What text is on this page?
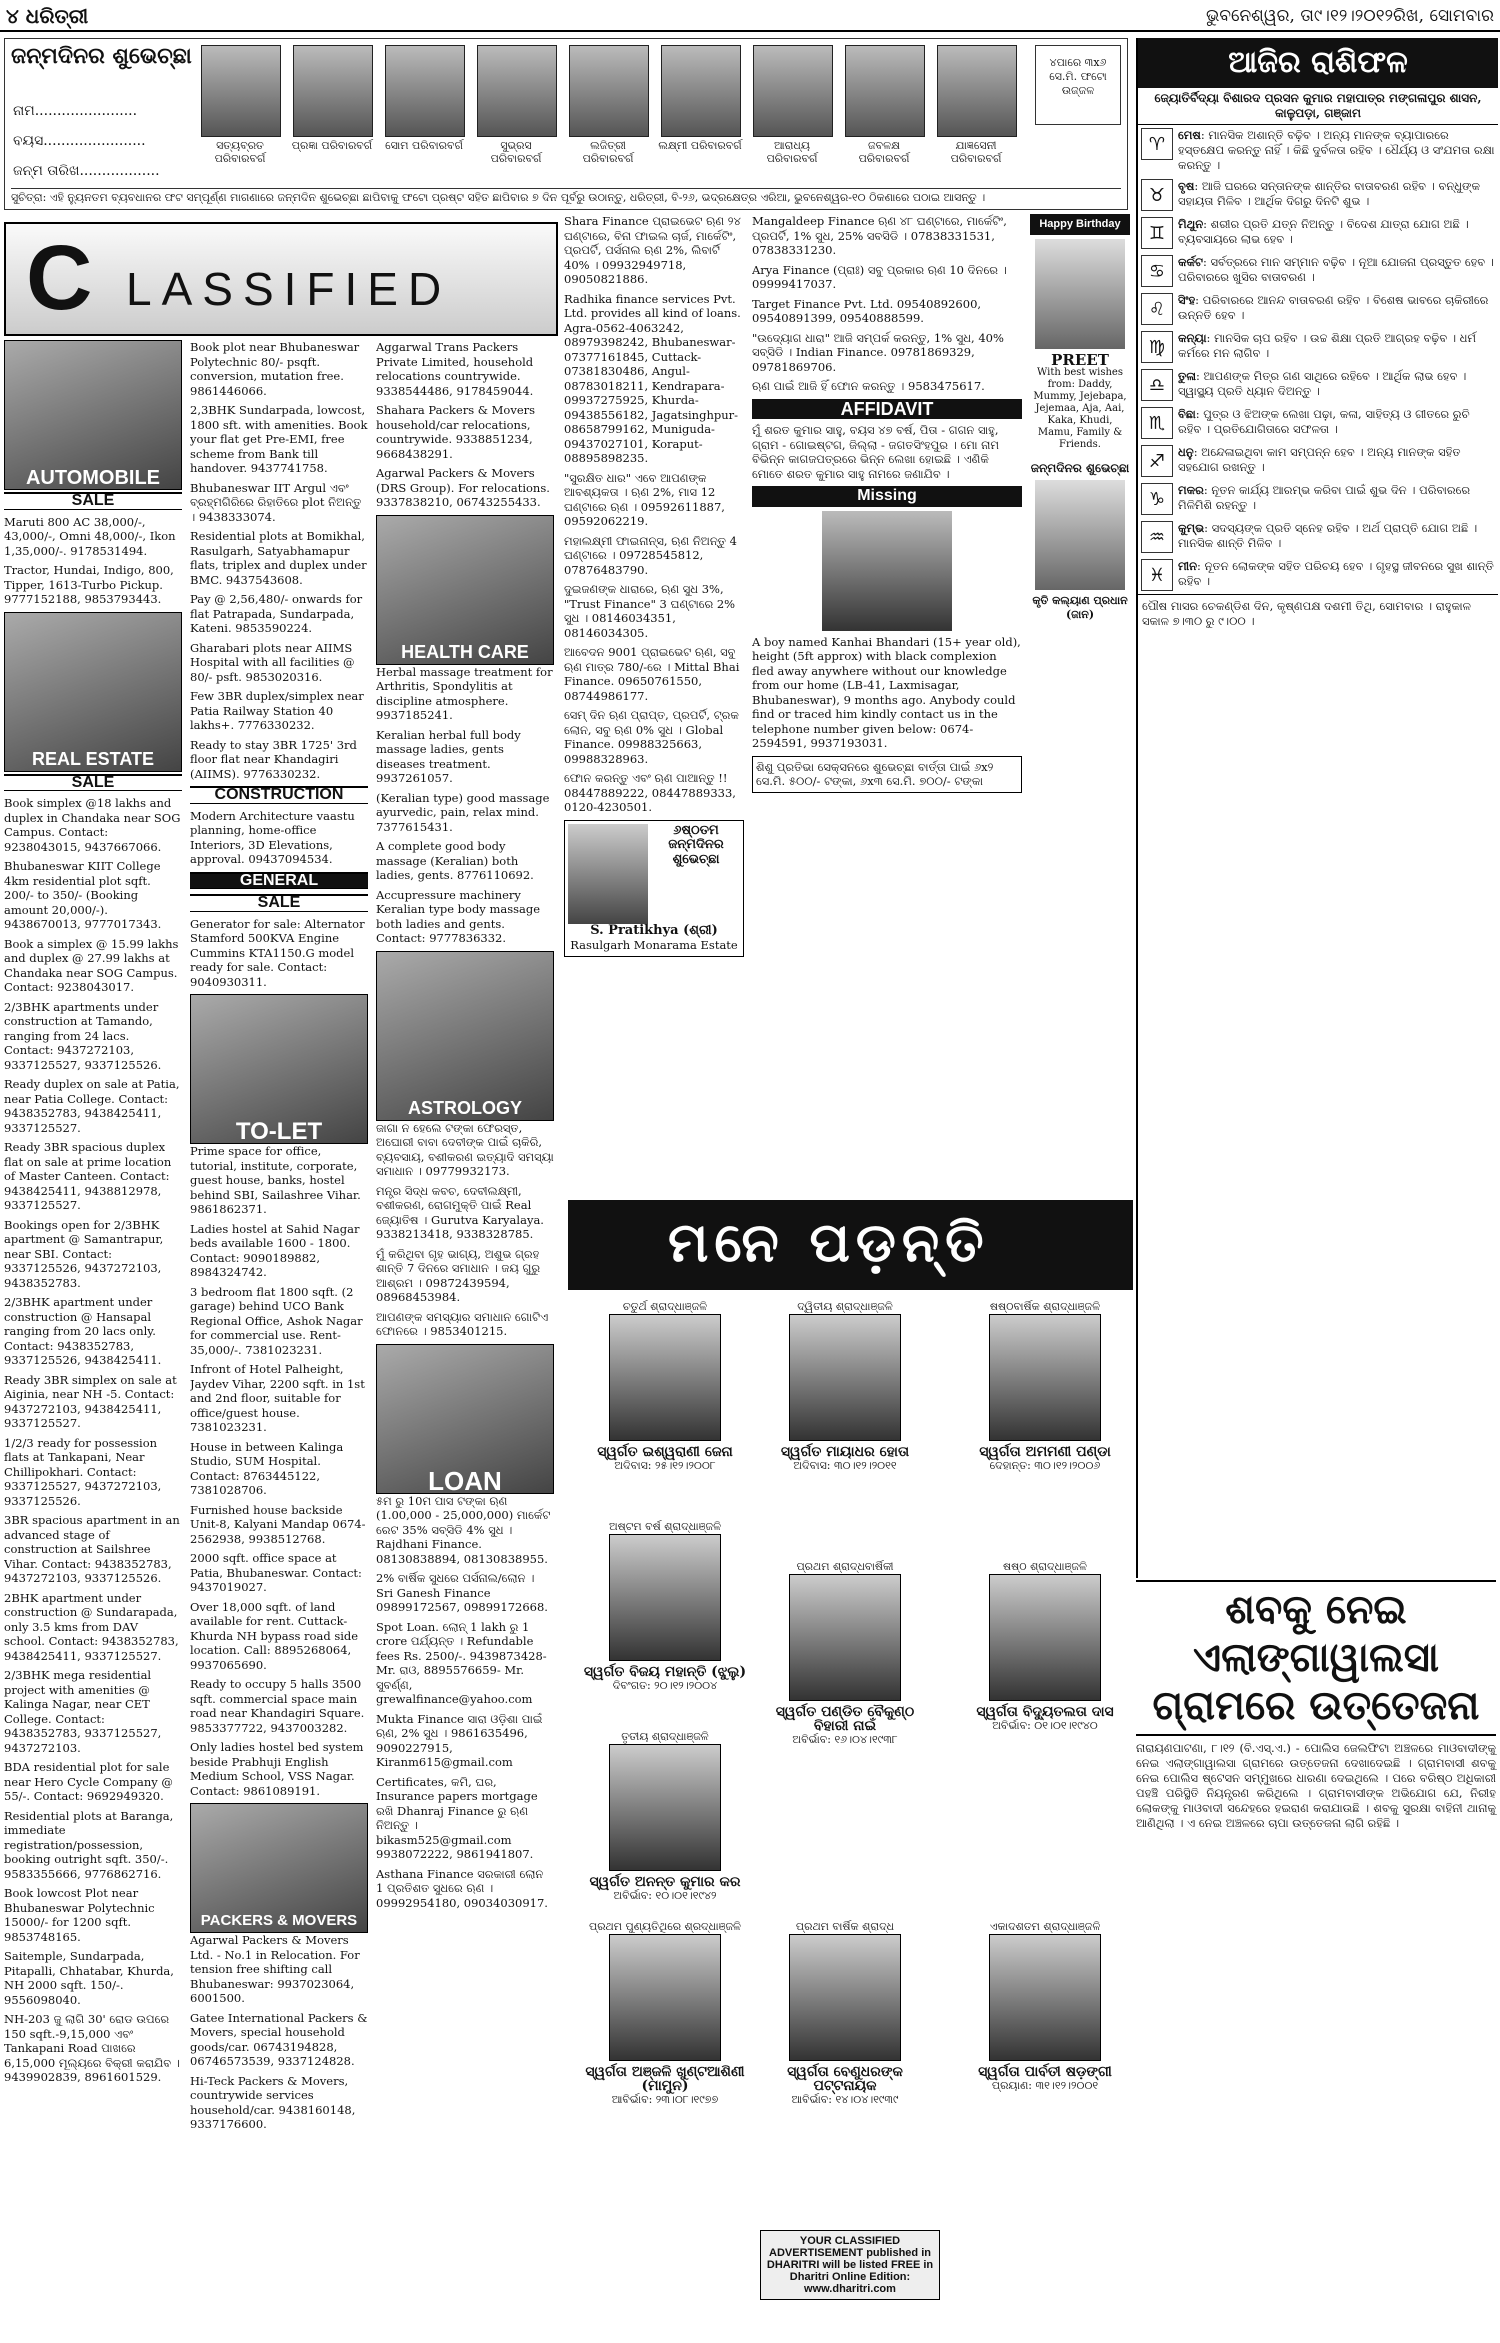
୪ ଧରିତ୍ରୀ	ଭୁବନେଶ୍ୱର, ତା୯।୧୨।୨୦୧୨ରିଖ, ସୋମବାର
ଜନ୍ମଦିନର ଶୁଭେଚ୍ଛା
ନାମ.......................
ବୟସ.......................
ଜନ୍ମ ତାରିଖ..................
ସତ୍ୟବ୍ରତ ପରିବାରବର୍ଗ
ପ୍ରଜ୍ଞା ପରିବାରବର୍ଗ ସୋମ ପରିବାରବର୍ଗ	ସୁଭ୍ରସ ପରିବାରବର୍ଗ
ଲଜିତ୍ରୀ ପରିବାରବର୍ଗ
ଲକ୍ଷ୍ମୀ ପରିବାରବର୍ଗ	ଆରାଧ୍ୟ ପରିବାରବର୍ଗ
ଜବଳକ୍ଷ ପରିବାରବର୍ଗ
ଯାଜ୍ଞସେନୀ ପରିବାରବର୍ଗ
୪ପାରେ ୩x୬ ସେ.ମି. ଫଟୋ ଉଜ୍ଜଳ
ସୁଚିତ୍ରା: ଏହି ନ୍ୟୁନତମ ବ୍ୟବଧାନର ଫଟ ସମ୍ପୂର୍ଣ୍ଣ ମାଗଣାରେ ଜନ୍ମଦିନ ଶୁଭେଚ୍ଛା ଛାପିବାକୁ ଫଟୋ ପ୍ରଷ୍ଟ ସହିତ ଛାପିବାର ୭ ଦିନ ପୂର୍ବରୁ ଉଠାନ୍ତୁ, ଧରିତ୍ରୀ, ବି-୨୬, ଭଦ୍ରକ୍ଷେତ୍ର ଏରିଆ, ଭୁବନେଶ୍ୱର-୧୦ ଠିକଣାରେ ପଠାଇ ଆସନ୍ତୁ ।
ଆଜିର ରାଶିଫଳ
ଜ୍ୟୋତିର୍ବିଦ୍ୟା ବିଶାରଦ ପ୍ରସନ କୁମାର ମହାପାତ୍ର ମଙ୍ଗଳାପୁର ଶାସନ, କାଳୁପଡ଼ା, ଗଞ୍ଜାମ
♈	ମେଷ: ମାନସିକ ଅଶାନ୍ତି ବଢ଼ିବ । ଅନ୍ୟ ମାନଙ୍କ ବ୍ୟାପାରରେ ହସ୍ତକ୍ଷେପ କରନ୍ତୁ ନାହିଁ । କିଛି ଦୁର୍ବଳତା ରହିବ । ଧୈର୍ଯ୍ୟ ଓ ସଂଯମତା ରକ୍ଷା କରନ୍ତୁ ।
♉	ବୃଷ: ଆଜି ଘରରେ ସନ୍ତାନଙ୍କ ଶାନ୍ତିର ବାତାବରଣ ରହିବ । ବନ୍ଧୁଙ୍କ ସହାୟତା ମିଳିବ । ଆର୍ଥିକ ଦିଗରୁ ଦିନଟି ଶୁଭ ।
♊	ମିଥୁନ: ଶରୀର ପ୍ରତି ଯତ୍ନ ନିଅନ୍ତୁ । ବିଦେଶ ଯାତ୍ରା ଯୋଗ ଅଛି । ବ୍ୟବସାୟରେ ଲାଭ ହେବ ।
♋	କର୍କଟ: ସର୍ବତ୍ରରେ ମାନ ସମ୍ମାନ ବଢ଼ିବ । ନୂଆ ଯୋଜନା ପ୍ରସ୍ତୁତ ହେବ । ପରିବାରରେ ଖୁସିର ବାତାବରଣ ।
♌	ସିଂହ: ପରିବାରରେ ଆନନ୍ଦ ବାତାବରଣ ରହିବ । ବିଶେଷ ଭାବରେ ଚାକିରୀରେ ଉନ୍ନତି ହେବ ।
♍	କନ୍ୟା: ମାନସିକ ଚାପ ରହିବ । ଉଚ୍ଚ ଶିକ୍ଷା ପ୍ରତି ଆଗ୍ରହ ବଢ଼ିବ । ଧର୍ମ କର୍ମରେ ମନ ଲାଗିବ ।
♎	ତୁଳା: ଆପଣଙ୍କ ମିତ୍ର ଗଣ ସାଥିରେ ରହିବେ । ଆର୍ଥିକ ଲାଭ ହେବ । ସ୍ୱାସ୍ଥ୍ୟ ପ୍ରତି ଧ୍ୟାନ ଦିଅନ୍ତୁ ।
♏	ବିଛା: ପୁତ୍ର ଓ ଝିଅଙ୍କ ଲେଖା ପଢ଼ା, କଳା, ସାହିତ୍ୟ ଓ ଗୀତରେ ରୁଚି ରହିବ । ପ୍ରତିଯୋଗିତାରେ ସଫଳତା ।
♐	ଧନୁ: ଅନ୍ଦେଳାଇଥିବା କାମ ସମ୍ପନ୍ନ ହେବ । ଅନ୍ୟ ମାନଙ୍କ ସହିତ ସହଯୋଗ ରଖନ୍ତୁ ।
♑	ମକର: ନୂତନ କାର୍ଯ୍ୟ ଆରମ୍ଭ କରିବା ପାଇଁ ଶୁଭ ଦିନ । ପରିବାରରେ ମିଳିମିଶି ରହନ୍ତୁ ।
♒	କୁମ୍ଭ: ସଦସ୍ୟଙ୍କ ପ୍ରତି ସ୍ନେହ ରହିବ । ଅର୍ଥ ପ୍ରାପ୍ତି ଯୋଗ ଅଛି । ମାନସିକ ଶାନ୍ତି ମିଳିବ ।
♓	ମୀନ: ନୂତନ ଲୋକଙ୍କ ସହିତ ପରିଚୟ ହେବ । ଗୃହସ୍ଥ ଜୀବନରେ ସୁଖ ଶାନ୍ତି ରହିବ ।
ପୌଷ ମାସର ଚେକଣ୍ଡିଶ ଦିନ, କୃଷ୍ଣପକ୍ଷ ଦଶମୀ ତିଥି, ସୋମବାର । ରାହୁକାଳ ସକାଳ ୭।୩୦ ରୁ ୯।୦୦ ।
C LASSIFIED
AUTOMOBILE
SALE

Maruti 800 AC 38,000/-, 43,000/-, Omni 48,000/-, Ikon 1,35,000/-. 9178531494.

Tractor, Hundai, Indigo, 800, Tipper, 1613-Turbo Pickup. 9777152188, 9853793443.

REAL ESTATE
SALE

Book simplex @18 lakhs and duplex in Chandaka near SOG Campus. Contact: 9238043015, 9437667066.

Bhubaneswar KIIT College 4km residential plot sqft. 200/- to 350/- (Booking amount 20,000/-). 9438670013, 9777017343.

Book a simplex @ 15.99 lakhs and duplex @ 27.99 lakhs at Chandaka near SOG Campus. Contact: 9238043017.

2/3BHK apartments under construction at Tamando, ranging from 24 lacs. Contact: 9437272103, 9337125527, 9337125526.

Ready duplex on sale at Patia, near Patia College. Contact: 9438352783, 9438425411, 9337125527.

Ready 3BR spacious duplex flat on sale at prime location of Master Canteen. Contact: 9438425411, 9438812978, 9337125527.

Bookings open for 2/3BHK apartment @ Samantrapur, near SBI. Contact: 9337125526, 9437272103, 9438352783.

2/3BHK apartment under construction @ Hansapal ranging from 20 lacs only. Contact: 9438352783, 9337125526, 9438425411.

Ready 3BR simplex on sale at Aiginia, near NH -5. Contact: 9437272103, 9438425411, 9337125527.

1/2/3 ready for possession flats at Tankapani, Near Chillipokhari. Contact: 9337125527, 9437272103, 9337125526.

3BR spacious apartment in an advanced stage of construction at Sailshree Vihar. Contact: 9438352783, 9437272103, 9337125526.

2BHK apartment under construction @ Sundarapada, only 3.5 kms from DAV school. Contact: 9438352783, 9438425411, 9337125527.

2/3BHK mega residential project with amenities @ Kalinga Nagar, near CET College. Contact: 9438352783, 9337125527, 9437272103.

BDA residential plot for sale near Hero Cycle Company @ 55/-. Contact: 9692949320.

Residential plots at Baranga, immediate registration/possession, booking outright sqft. 350/-. 9583355666, 9776862716.

Book lowcost Plot near Bhubaneswar Polytechnic 15000/- for 1200 sqft. 9853748165.

Saitemple, Sundarpada, Pitapalli, Chhatabar, Khurda, NH 2000 sqft. 150/-. 9556098040.

NH-203 ଜୁ ଲାଗି 30' ରୋଡ ଉପରେ 150 sqft.-9,15,000 ଏବଂ Tankapani Road ପାଖରେ 6,15,000 ମୂଲ୍ୟରେ ବିକ୍ରୀ କରାଯିବ । 9439902839, 8961601529.

Book plot near Bhubaneswar Polytechnic 80/- psqft. conversion, mutation free. 9861446066.

2,3BHK Sundarpada, lowcost, 1800 sft. with amenities. Book your flat get Pre-EMI, free scheme from Bank till handover. 9437741758.

Bhubaneswar IIT Argul ଏବଂ ବ୍ରହ୍ମଗିରିରେ ରିହାତିରେ plot ନିଅନ୍ତୁ । 9438333074.

Residential plots at Bomikhal, Rasulgarh, Satyabhamapur flats, triplex and duplex under BMC. 9437543608.

Pay @ 2,56,480/- onwards for flat Patrapada, Sundarpada, Kateni. 9853590224.

Gharabari plots near AIIMS Hospital with all facilities @ 80/- psft. 9853020316.

Few 3BR duplex/simplex near Patia Railway Station 40 lakhs+. 7776330232.

Ready to stay 3BR 1725' 3rd floor flat near Khandagiri (AIIMS). 9776330232.

CONSTRUCTION

Modern Architecture vaastu planning, home-office Interiors, 3D Elevations, approval. 09437094534.

GENERAL
SALE

Generator for sale: Alternator Stamford 500KVA Engine Cummins KTA1150.G model ready for sale. Contact: 9040930311.

TO-LET

Prime space for office, tutorial, institute, corporate, guest house, banks, hostel behind SBI, Sailashree Vihar. 9861862371.

Ladies hostel at Sahid Nagar beds available 1600 - 1800. Contact: 9090189882, 8984324742.

3 bedroom flat 1800 sqft. (2 garage) behind UCO Bank Regional Office, Ashok Nagar for commercial use. Rent-35,000/-. 7381023231.

Infront of Hotel Palheight, Jaydev Vihar, 2200 sqft. in 1st and 2nd floor, suitable for office/guest house. 7381023231.

House in between Kalinga Studio, SUM Hospital. Contact: 8763445122, 7381028706.

Furnished house backside Unit-8, Kalyani Mandap 0674-2562938, 9938512768.

2000 sqft. office space at Patia, Bhubaneswar. Contact: 9437019027.

Over 18,000 sqft. of land available for rent. Cuttack-Khurda NH bypass road side location. Call: 8895268064, 9937065690.

Ready to occupy 5 halls 3500 sqft. commercial space main road near Khandagiri Square. 9853377722, 9437003282.

Only ladies hostel bed system beside Prabhuji English Medium School, VSS Nagar. Contact: 9861089191.

PACKERS & MOVERS

Agarwal Packers & Movers Ltd. - No.1 in Relocation. For tension free shifting call Bhubaneswar: 9937023064, 6001500.

Gatee International Packers & Movers, special household goods/car. 06743194828, 06746573539, 9337124828.

Hi-Teck Packers & Movers, countrywide services household/car. 9438160148, 9337176600.

Aggarwal Trans Packers Private Limited, household relocations countrywide. 9338544486, 9178459044.

Shahara Packers & Movers household/car relocations, countrywide. 9338851234, 9668438291.

Agarwal Packers & Movers (DRS Group). For relocations. 9337838210, 06743255433.

HEALTH CARE

Herbal massage treatment for Arthritis, Spondylitis at discipline atmosphere. 9937185241.

Keralian herbal full body massage ladies, gents diseases treatment. 9937261057.

(Keralian type) good massage ayurvedic, pain, relax mind. 7377615431.

A complete good body massage (Keralian) both ladies, gents. 8776110692.

Accupressure machinery Keralian type body massage both ladies and gents. Contact: 9777836332.

ASTROLOGY

ଜାଗା ନ ହେଲେ ଟଙ୍କା ଫେରସ୍ତ, ଅଘୋରୀ ବାବା ଦେବୀଙ୍କ ପାଇଁ ଚାକିରି, ବ୍ୟବସାୟ, ବଶୀକରଣ ଇତ୍ୟାଦି ସମସ୍ୟା ସମାଧାନ । 09779932173.

ମନ୍ତ୍ର ସିଦ୍ଧ କବଚ, ଦେବୀଲକ୍ଷ୍ମୀ, ବଶୀକରଣ, ରୋଗମୁକ୍ତି ପାଇଁ Real ଜ୍ୟୋତିଷ । Gurutva Karyalaya. 9338213418, 9338328785.

ମୁଁ କରିଥିବା ଗୃହ ଭାଗ୍ୟ, ଅଶୁଭ ଗ୍ରହ ଶାନ୍ତି 7 ଦିନରେ ସମାଧାନ । ଜୟ ଗୁରୁ ଆଶ୍ରମ । 09872439594, 08968453984.

ଆପଣଙ୍କ ସମସ୍ୟାର ସମାଧାନ ଗୋଟିଏ ଫୋନରେ । 9853401215.

LOAN

୫ମ ରୁ 10ମ ପାସ ଟଙ୍କା ଋଣ (1.00,000 - 25,000,000) ମାର୍କେଟ ରେଟ 35% ସବ୍‌ସିଡି 4% ସୁଧ । Rajdhani Finance. 08130838894, 08130838955.

2% ବାର୍ଷିକ ସୁଧରେ ପର୍ସନାଲ/ଲୋନ । Sri Ganesh Finance 09899172567, 09899172668.

Spot Loan. ଲୋନ୍ 1 lakh ରୁ 1 crore ପର୍ଯ୍ୟନ୍ତ । Refundable fees Rs. 2500/-. 9439873428- Mr. ରାଓ, 8895576659- Mr. ସୁବର୍ଣ୍ଣ, grewalfinance@yahoo.com

Mukta Finance ସାରା ଓଡ଼ିଶା ପାଇଁ ଋଣ, 2% ସୁଧ । 9861635496, 9090227915, Kiranm615@gmail.com

Certificates, କମି, ଘର, Insurance papers mortgage ରଖି Dhanraj Finance ରୁ ଋଣ ନିଅନ୍ତୁ । bikasm525@gmail.com 9938072222, 9861941807.

Asthana Finance ସରକାରୀ ଲୋନ 1 ପ୍ରତିଶତ ସୁଧରେ ଋଣ । 09992954180, 09034030917.

Shara Finance ପ୍ରାଇଭେଟ ଋଣ ୨୪ ଘଣ୍ଟାରେ, ବିନା ଫାଇଲ ଚାର୍ଜ, ମାର୍କେଟିଂ, ପ୍ରପର୍ଟି, ପର୍ସନାଲ ଋଣ 2%, ଲିବାର୍ଟି 40% । 09932949718, 09050821886.

Radhika finance services Pvt. Ltd. provides all kind of loans. Agra-0562-4063242, 08979398242, Bhubaneswar-07377161845, Cuttack-07381830486, Angul-08783018211, Kendrapara-09937275925, Khurda-09438556182, Jagatsinghpur-08658799162, Muniguda-09437027101, Koraput-08895898235.

"ସୁରକ୍ଷିତ ଧାର" ଏବେ ଆପଣଙ୍କ ଆବଶ୍ୟକତା । ଋଣ 2%, ମାସ 12 ଘଣ୍ଟାରେ ଋଣ । 09592611887, 09592062219.

ମହାଲକ୍ଷ୍ମୀ ଫାଇନାନ୍ସ, ଋଣ ନିଅନ୍ତୁ 4 ଘଣ୍ଟାରେ । 09728545812, 07876483790.

ଦୁଇଜଣଙ୍କ ଧାରାରେ, ଋଣ ସୁଧ 3%, "Trust Finance" 3 ଘଣ୍ଟାରେ 2% ସୁଧ । 08146034351, 08146034305.

ଆବେଦନ 9001 ପ୍ରାଇଭେଟ ଋଣ, ସବୁ ଋଣ ମାତ୍ର 780/-ରେ । Mittal Bhai Finance. 09650761550, 08744986177.

ସେମ୍ ଦିନ ଋଣ ପ୍ରାପ୍ତ, ପ୍ରପର୍ଟି, ଟ୍ରକ ଲୋନ, ସବୁ ଋଣ 0% ସୁଧ । Global Finance. 09988325663, 09988328963.

ଫୋନ କରନ୍ତୁ ଏବଂ ଋଣ ପାଆନ୍ତୁ !! 08447889222, 08447889333, 0120-4230501.

୬ଷ୍ଠତମ ଜନ୍ମଦିନର ଶୁଭେଚ୍ଛା
S. Pratikhya (ଶ୍ରୀ)
Rasulgarh Monarama Estate

Mangaldeep Finance ଋଣ ୪୮ ଘଣ୍ଟାରେ, ମାର୍କେଟିଂ, ପ୍ରପର୍ଟି, 1% ସୁଧ, 25% ସବସିଡି । 07838331531, 07838331230.

Arya Finance (ପ୍ରାଃ) ସବୁ ପ୍ରକାର ଋଣ 10 ଦିନରେ । 09999417037.

Target Finance Pvt. Ltd. 09540892600, 09540891399, 09540888599.

"ଉଦ୍ୟୋଗ ଧାରା" ଆଜି ସମ୍ପର୍କ କରନ୍ତୁ, 1% ସୁଧ, 40% ସବ୍‌ସିଡି । Indian Finance. 09781869329, 09781869706.

ଋଣ ପାଇଁ ଆଜି ହିଁ ଫୋନ କରନ୍ତୁ । 9583475617.

AFFIDAVIT

ମୁଁ ଶରତ କୁମାର ସାହୁ, ବୟସ ୪୭ ବର୍ଷ, ପିତା - ଗଗନ ସାହୁ, ଗ୍ରାମ - ଗୋଇଷ୍ଟଗ, ଜିଲ୍ଲା - ଜଗତସିଂହପୁର । ମୋ ନାମ ବିଭିନ୍ନ କାଗଜପତ୍ରରେ ଭିନ୍ନ ଲେଖା ହୋଇଛି । ଏଣିକି ମୋତେ ଶରତ କୁମାର ସାହୁ ନାମରେ ଜଣାଯିବ ।

Missing

A boy named Kanhai Bhandari (15+ year old), height (5ft approx) with black complexion fled away anywhere without our knowledge from our home (LB-41, Laxmisagar, Bhubaneswar), 9 months ago. Anybody could find or traced him kindly contact us in the telephone number given below: 0674-2594591, 9937193031.

ଶିଶୁ ପ୍ରତିଭା ସେକ୍ସନରେ ଶୁଭେଚ୍ଛା ବାର୍ତ୍ତା ପାଇଁ ୬x୨ ସେ.ମି. ୫୦୦/- ଟଙ୍କା, ୬x୩ ସେ.ମି. ୭୦୦/- ଟଙ୍କା

Happy Birthday
PREET

With best wishes from: Daddy, Mummy, Jejebapa, Jejemaa, Aja, Aai, Kaka, Khudi, Mamu, Family & Friends.

ଜନ୍ମଦିନର ଶୁଭେଚ୍ଛା
କୃତି କଲ୍ୟାଣ ପ୍ରଧାନ (ଜାନ)
ମନେ ପଡ଼ନ୍ତି
ଚତୁର୍ଥ ଶ୍ରାଦ୍ଧାଞ୍ଜଳି
ସ୍ୱର୍ଗତ ଇଶ୍ୱରାଣୀ ଜେନା
ଅଦିବାସ: ୨୫।୧୨।୨୦୦୮
ଦ୍ୱିତୀୟ ଶ୍ରାଦ୍ଧାଞ୍ଜଳି
ସ୍ୱର୍ଗତ ମାୟାଧର ହୋତା
ଅଦିବାସ: ୩୦।୧୨।୨୦୧୧
ଷଷ୍ଠବାର୍ଷିକ ଶ୍ରାଦ୍ଧାଞ୍ଜଳି
ସ୍ୱର୍ଗତା ଅମମଣୀ ପଣ୍ଡା
ଦେହାନ୍ତ: ୩୦।୧୨।୨୦୦୬
ଅଷ୍ଟମ ବର୍ଷ ଶ୍ରାଦ୍ଧାଞ୍ଜଳି
ସ୍ୱର୍ଗତ ବିଜୟ ମହାନ୍ତି (ଝୁଲୁ)
ଦିବଂଗତ: ୨୦।୧୨।୨୦୦୪
ପ୍ରଥମ ଶ୍ରାଦ୍ଧବାର୍ଷିକୀ
ସ୍ୱର୍ଗତ ପଣ୍ଡିତ ବୈକୁଣ୍ଠ ବିହାରୀ ନାଇଁ
ଅବିର୍ଭାବ: ୧୬।୦୪।୧୯୩୮
ଷଷ୍ଠ ଶ୍ରାଦ୍ଧାଞ୍ଜଳି
ସ୍ୱର୍ଗତା ବିଦ୍ୟୁତଲତା ଦାସ
ଅବିର୍ଭାବ: ୦୧।୦୧।୧୯୪୦
ତୃତୀୟ ଶ୍ରାଦ୍ଧାଞ୍ଜଳି
ସ୍ୱର୍ଗତ ଅନନ୍ତ କୁମାର କର
ଅବିର୍ଭାବ: ୧୦।୦୧।୧୯୪୨
ପ୍ରଥମ ପୁଣ୍ୟତିଥିରେ ଶ୍ରଦ୍ଧାଞ୍ଜଳି
ସ୍ୱର୍ଗତା ଅଞ୍ଜଳି ଖୁଣ୍ଟଆଶିଣୀ (ମାମୁନ)
ଆବିର୍ଭାବ: ୨୩।୦୮।୧୯୭୭
ପ୍ରଥମ ବାର୍ଷିକ ଶ୍ରାଦ୍ଧ
ସ୍ୱର୍ଗତା ବେଣୁଧରଙ୍କ ପଟ୍ଟନାୟକ
ଆବିର୍ଭାବ: ୧୪।୦୪।୧୯୩୯
ଏକାଦଶତମ ଶ୍ରାଦ୍ଧାଞ୍ଜଳି
ସ୍ୱର୍ଗତା ପାର୍ବତୀ ଷଡ଼ଙ୍ଗୀ
ପ୍ରୟାଣ: ୩୧।୧୨।୨୦୦୧
YOUR CLASSIFIED ADVERTISEMENT published in DHARITRI will be listed FREE in Dharitri Online Edition: www.dharitri.com
ଶବକୁ ନେଇ ଏଲାଙ୍ଗାୱାଲସା ଗ୍ରାମରେ ଉତ୍ତେଜନା
ନାରାୟଣପାଟଣା, ୮।୧୨ (ବି.ଏସ୍.ଏ.) - ପୋଲିସ ଜେଲଫିଟା ଅଞ୍ଚଳରେ ମାଓବାଦୀଙ୍କୁ ନେଇ ଏଲାଙ୍ଗାୱାଲସା ଗ୍ରାମରେ ଉତ୍ତେଜନା ଦେଖାଦେଇଛି । ଗ୍ରାମବାସୀ ଶବକୁ ନେଇ ପୋଲିସ ଷ୍ଟେସନ ସମ୍ମୁଖରେ ଧାରଣା ଦେଇଥିଲେ । ପରେ ବରିଷ୍ଠ ଅଧିକାରୀ ପହଞ୍ଚି ପରିସ୍ଥିତି ନିୟନ୍ତ୍ରଣ କରିଥିଲେ । ଗ୍ରାମବାସୀଙ୍କ ଅଭିଯୋଗ ଯେ, ନିରୀହ ଲୋକଙ୍କୁ ମାଓବାଦୀ ସନ୍ଦେହରେ ହଇରାଣ କରାଯାଉଛି । ଶବକୁ ସୁରକ୍ଷା ବାହିନୀ ଥାନାକୁ ଆଣିଥିଲା । ଏ ନେଇ ଅଞ୍ଚଳରେ ଚାପା ଉତ୍ତେଜନା ଲାଗି ରହିଛି ।
